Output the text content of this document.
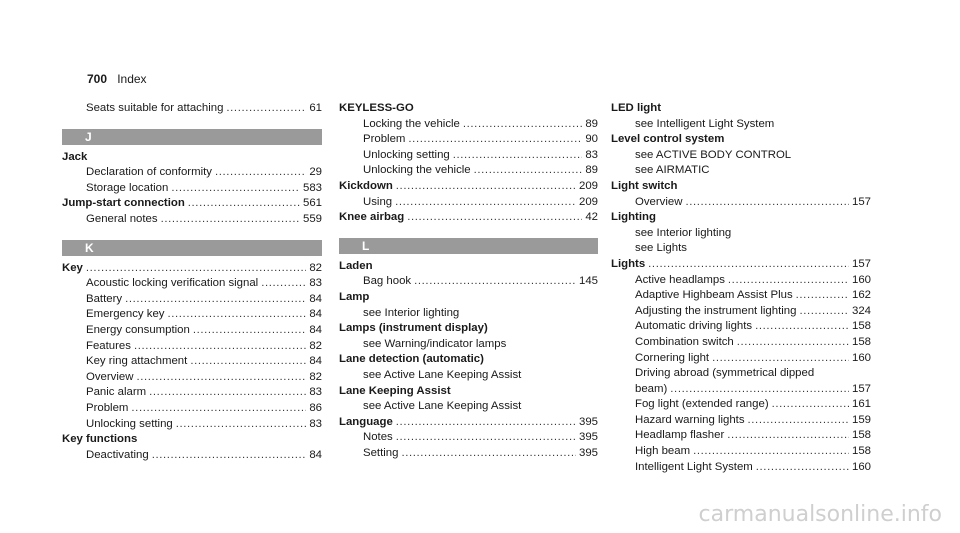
700 Index
Seats suitable for attaching .....	61
J
Jack
Declaration of conformity .....	29
Storage location .....	583
Jump-start connection .....	561
General notes .....	559
K
Key .....	82
Acoustic locking verification signal .....	83
Battery .....	84
Emergency key .....	84
Energy consumption .....	84
Features .....	82
Key ring attachment .....	84
Overview .....	82
Panic alarm .....	83
Problem .....	86
Unlocking setting .....	83
Key functions
Deactivating .....	84
KEYLESS-GO
Locking the vehicle .....	89
Problem .....	90
Unlocking setting .....	83
Unlocking the vehicle .....	89
Kickdown .....	209
Using .....	209
Knee airbag .....	42
L
Laden
Bag hook .....	145
Lamp
see Interior lighting
Lamps (instrument display)
see Warning/indicator lamps
Lane detection (automatic)
see Active Lane Keeping Assist
Lane Keeping Assist
see Active Lane Keeping Assist
Language .....	395
Notes .....	395
Setting .....	395
LED light
see Intelligent Light System
Level control system
see ACTIVE BODY CONTROL
see AIRMATIC
Light switch
Overview .....	157
Lighting
see Interior lighting
see Lights
Lights .....	157
Active headlamps .....	160
Adaptive Highbeam Assist Plus .....	162
Adjusting the instrument lighting .....	324
Automatic driving lights .....	158
Combination switch .....	158
Cornering light .....	160
Driving abroad (symmetrical dipped
beam) .....	157
Fog light (extended range) .....	161
Hazard warning lights .....	159
Headlamp flasher .....	158
High beam .....	158
Intelligent Light System .....	160
carmanualsonline.info
